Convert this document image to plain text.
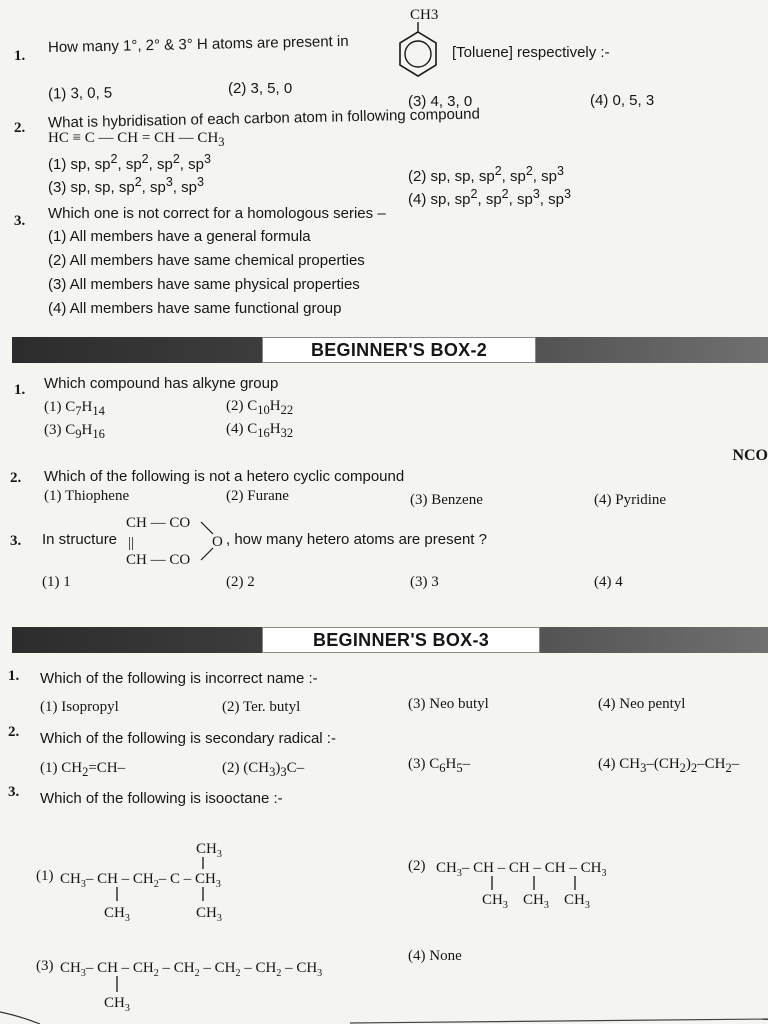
1. How many 1°, 2° & 3° H atoms are present in
CH3
[Toluene] respectively :-
(1) 3, 0, 5	(2) 3, 5, 0
(3) 4, 3, 0	(4) 0, 5, 3
2. What is hybridisation of each carbon atom in following compound
HC ≡ C — CH = CH — $CH_3$
(1) sp, $sp^2$, $sp^2$, $sp^2$, $sp^3$
(3) sp, sp, $sp^2$, $sp^3$, $sp^3$	(2) sp, sp, $sp^2$, $sp^2$, $sp^3$
(4) sp, $sp^2$, $sp^2$, $sp^3$, $sp^3$
3. Which one is not correct for a homologous series –
(1) All members have a general formula
(2) All members have same chemical properties
(3) All members have same physical properties
(4) All members have same functional group
BEGINNER'S BOX-2
1. Which compound has alkyne group
(1) $C_7H_{14}$	(2) $C_{10}H_{22}$
(3) $C_9H_{16}$	(4) $C_{16}H_{32}$
NCO
2. Which of the following is not a hetero cyclic compound
(1) Thiophene	(2) Furane	(3) Benzene	(4) Pyridine
3. In structure
CH — CO
||
CH — CO
O , how many hetero atoms are present ?
(1) 1	(2) 2	(3) 3	(4) 4
BEGINNER'S BOX-3
1. Which of the following is incorrect name :-
(1) Isopropyl	(2) Ter. butyl	(3) Neo butyl	(4) Neo pentyl
2. Which of the following is secondary radical :-
(1) $CH_2=CH-$	(2) $(CH_3)_3C-$	(3) $C_6H_5-$	(4) $CH_3-(CH_2)_2-CH_2-$
3. Which of the following is isooctane :-
(1) $CH_3-$ CH – $CH_2-$ C – $CH_3$
$CH_3$
$CH_3$
$CH_3$
(2) $CH_3-$ CH – CH – CH – $CH_3$
$CH_3$ $CH_3$ $CH_3$
(3) $CH_3-$ CH – $CH_2 - CH_2 - CH_2 - CH_2 - CH_3$
$CH_3$
(4) None
